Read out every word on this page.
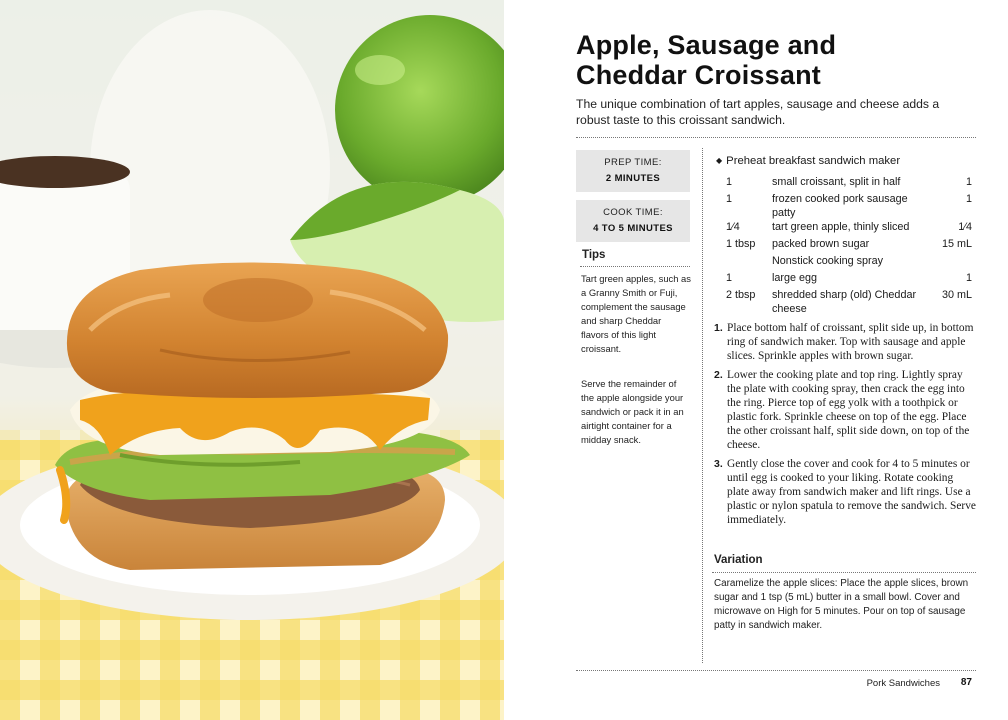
Apple, Sausage and
Cheddar Croissant
The unique combination of tart apples, sausage and cheese adds a robust taste to this croissant sandwich.
PREP TIME:
2 MINUTES
COOK TIME:
4 TO 5 MINUTES
Tips
Tart green apples, such as a Granny Smith or Fuji, complement the sausage and sharp Cheddar flavors of this light croissant.
Serve the remainder of the apple alongside your sandwich or pack it in an airtight container for a midday snack.
◆ Preheat breakfast sandwich maker
1	small croissant, split in half	1
1	frozen cooked pork sausage patty	1
1⁄4	tart green apple, thinly sliced	1⁄4
1 tbsp	packed brown sugar	15 mL
	Nonstick cooking spray	
1	large egg	1
2 tbsp	shredded sharp (old) Cheddar cheese	30 mL
1. Place bottom half of croissant, split side up, in bottom ring of sandwich maker. Top with sausage and apple slices. Sprinkle apples with brown sugar.
2. Lower the cooking plate and top ring. Lightly spray the plate with cooking spray, then crack the egg into the ring. Pierce top of egg yolk with a toothpick or plastic fork. Sprinkle cheese on top of the egg. Place the other croissant half, split side down, on top of the cheese.
3. Gently close the cover and cook for 4 to 5 minutes or until egg is cooked to your liking. Rotate cooking plate away from sandwich maker and lift rings. Use a plastic or nylon spatula to remove the sandwich. Serve immediately.
Variation
Caramelize the apple slices: Place the apple slices, brown sugar and 1 tsp (5 mL) butter in a small bowl. Cover and microwave on High for 5 minutes. Pour on top of sausage patty in sandwich maker.
Pork Sandwiches	87
